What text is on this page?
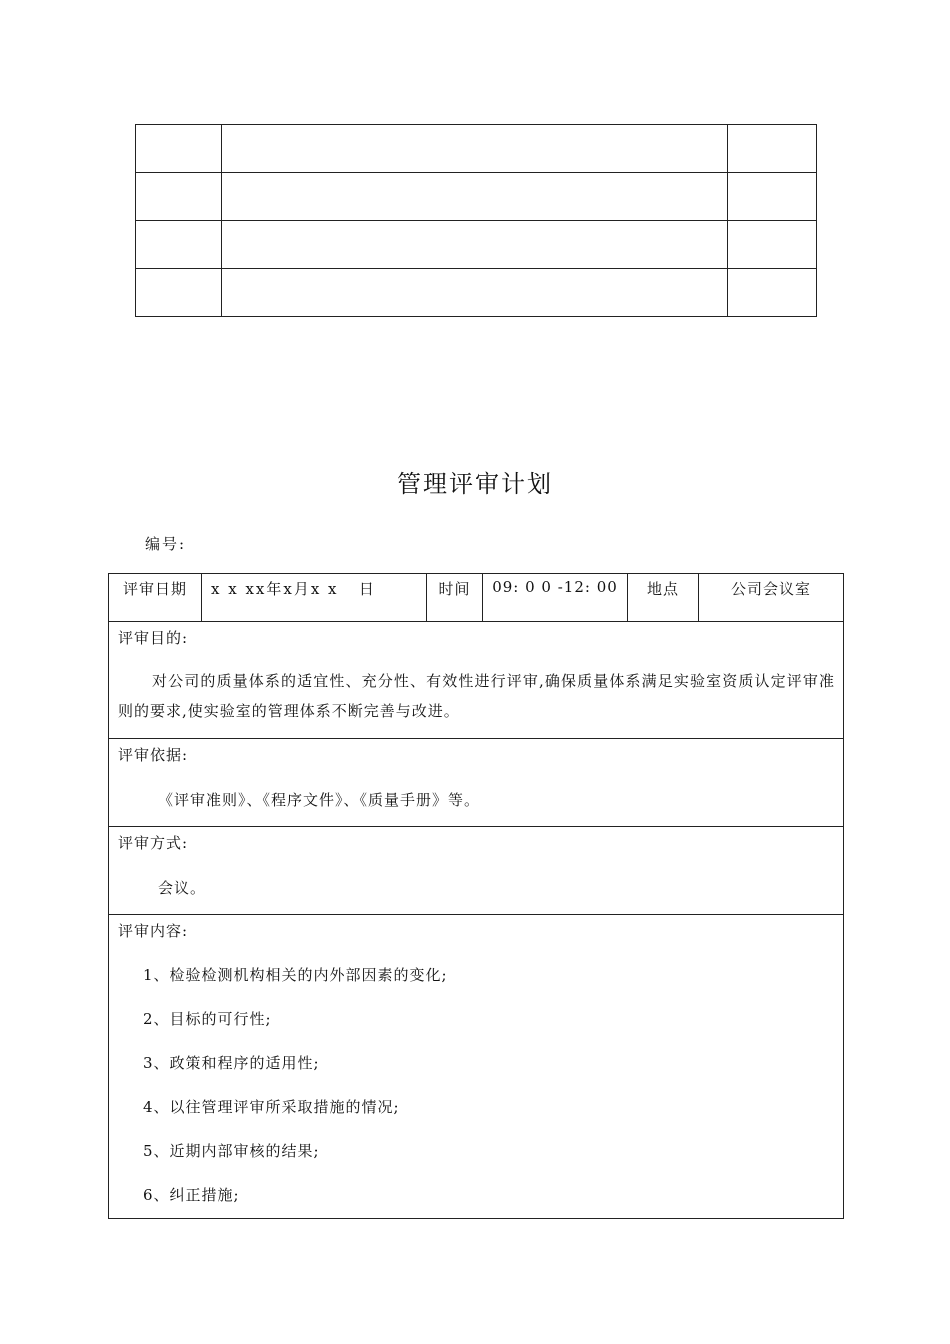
管理评审计划
编号:
评审日期	x x xx年x月x x   日	时间	09: 0 0 -12: 00	地点	公司会议室

评审目的:
对公司的质量体系的适宜性、充分性、有效性进行评审,确保质量体系满足实验室资质认定评审准则的要求,使实验室的管理体系不断完善与改进。

评审依据:
《评审准则》、《程序文件》、《质量手册》等。

评审方式:
会议。

评审内容:
1、检验检测机构相关的内外部因素的变化;
2、目标的可行性;
3、政策和程序的适用性;
4、以往管理评审所采取措施的情况;
5、近期内部审核的结果;
6、纠正措施;
